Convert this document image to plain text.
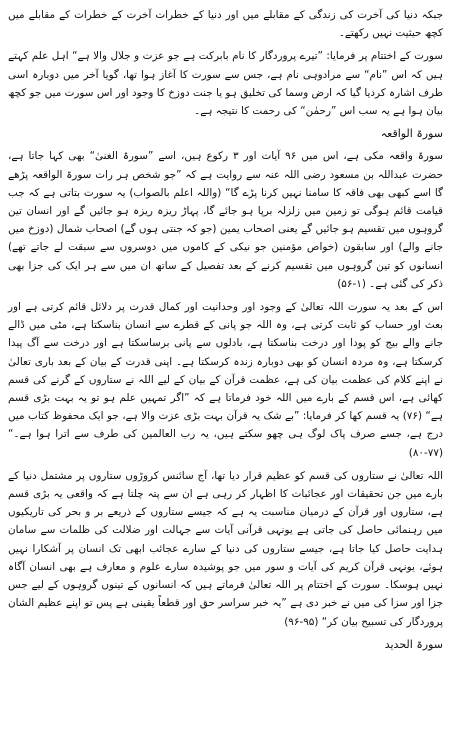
جبکہ دنیا کی آخرت کی زندگی کے مقابلے میں اور دنیا کے خطرات آخرت کے خطرات کے مقابلے میں کچھ حیثیت نہیں رکھتے۔

سورت کے اختتام پر فرمایا: ”تیرے پروردگار کا نام بابرکت ہے جو عزت و جلال والا ہے“ اہل علم کہتے ہیں کہ اس ”نام“ سے مرادوہی نام ہے، جس سے سورت کا آغاز ہوا تھا، گویا آخر میں دوبارہ اسی طرف اشارہ کردیا گیا کہ ارض وسما کی تخلیق ہو یا جنت دوزخ کا وجود اور اس سورت میں جو کچھ بیان ہوا ہے یہ سب اس ”رحمٰن“ کی رحمت کا نتیجہ ہے۔

سورۃ الواقعہ

سورۃ واقعہ مکی ہے، اس میں ۹۶ آیات اور ۳ رکوع ہیں، اسے ”سورۃ الغنیٰ“ بھی کہا جاتا ہے، حضرت عبداللہ بن مسعود رضی اللہ عنہ سے روایت ہے کہ ”جو شخص ہر رات سورۃ الواقعہ پڑھے گا اسے کبھی بھی فاقہ کا سامنا نہیں کرنا پڑے گا“ (واللہ اعلم بالصواب) یہ سورت بتاتی ہے کہ جب قیامت قائم ہوگی تو زمین میں زلزلہ برپا ہو جائے گا، پہاڑ ریزہ ریزہ ہو جائیں گے اور انسان تین گروہوں میں تقسیم ہو جائیں گے یعنی اصحاب یمین (جو کہ جنتی ہوں گے) اصحاب شمال (دوزخ میں جانے والے) اور سابقون (خواص مؤمنین جو نیکی کے کاموں میں دوسروں سے سبقت لے جاتے تھے) انسانوں کو تین گروہوں میں تقسیم کرنے کے بعد تفصیل کے ساتھ ان میں سے ہر ایک کی جزا بھی ذکر کی گئی ہے۔ (۱-۵۶)

اس کے بعد یہ سورت اللہ تعالیٰ کے وجود اور وحدانیت اور کمال قدرت پر دلائل قائم کرتی ہے اور بعث اور حساب کو ثابت کرتی ہے، وہ اللہ جو پانی کے قطرے سے انسان بناسکتا ہے، مٹی میں ڈالے جانے والے بیج کو پودا اور درخت بناسکتا ہے، بادلوں سے پانی برساسکتا ہے اور درخت سے آگ پیدا کرسکتا ہے، وہ مردہ انسان کو بھی دوبارہ زندہ کرسکتا ہے۔ اپنی قدرت کے بیان کے بعد باری تعالیٰ نے اپنے کلام کی عظمت بیان کی ہے، عظمت قرآن کے بیان کے لیے اللہ نے ستاروں کے گرنے کی قسم کھائی ہے، اس قسم کے بارے میں اللہ خود فرماتا ہے کہ ”اگر تمہیں علم ہو تو یہ بہت بڑی قسم ہے“ (۷۶) یہ قسم کھا کر فرمایا: ”بے شک یہ قرآن بہت بڑی عزت والا ہے، جو ایک محفوظ کتاب میں درج ہے، جسے صرف پاک لوگ ہی چھو سکتے ہیں، یہ رب العالمین کی طرف سے اترا ہوا ہے۔“ (۷۷-۸۰)

اللہ تعالیٰ نے ستاروں کی قسم کو عظیم قرار دیا تھا، آج سائنس کروڑوں ستاروں پر مشتمل دنیا کے بارے میں جن تحقیقات اور عجائبات کا اظہار کر رہی ہے ان سے پتہ چلتا ہے کہ واقعی یہ بڑی قسم ہے، ستاروں اور قرآن کے درمیان مناسبت یہ ہے کہ جیسے ستاروں کے ذریعے بر و بحر کی تاریکیوں میں رہنمائی حاصل کی جاتی ہے یونہی قرآنی آیات سے جہالت اور ضلالت کی ظلمات سے سامان ہدایت حاصل کیا جاتا ہے، جیسے ستاروں کی دنیا کے سارے عجائب ابھی تک انسان پر آشکارا نہیں ہوئے، یونہی قرآن کریم کی آیات و سور میں جو پوشیدہ سارے علوم و معارف ہے بھی انسان آگاہ نہیں ہوسکا۔ سورت کے اختتام پر اللہ تعالیٰ فرماتے ہیں کہ انسانوں کے تینوں گروہوں کے لیے جس جزا اور سزا کی میں نے خبر دی ہے ”یہ خبر سراسر حق اور قطعاً یقینی ہے پس تو اپنے عظیم الشان پروردگار کی تسبیح بیان کر“ (۹۵-۹۶)

سورۃ الحدید
